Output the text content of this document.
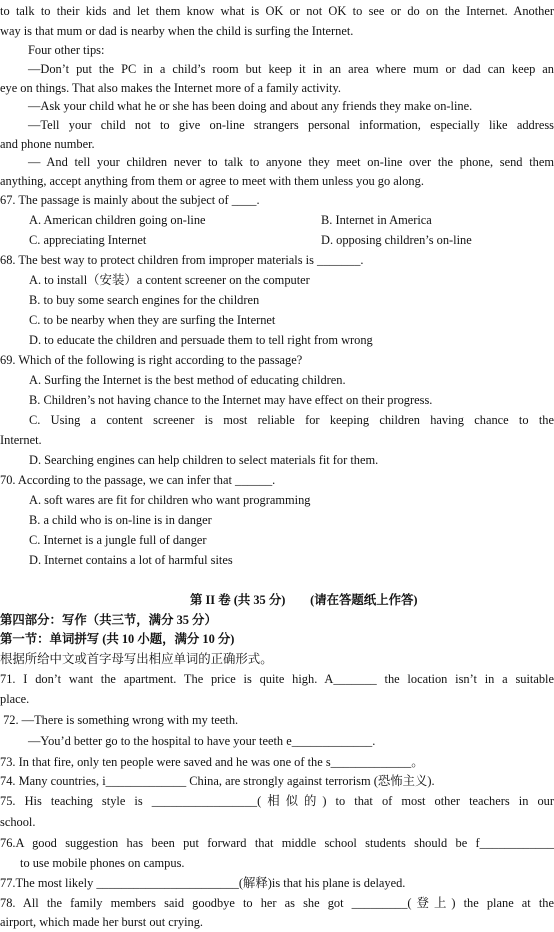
to talk to their kids and let them know what is OK or not OK to see or do on the Internet. Another
way is that mum or dad is nearby when the child is surfing the Internet.
Four other tips:
—Don’t put the PC in a child’s room but keep it in an area where mum or dad can keep an
eye on things. That also makes the Internet more of a family activity.
—Ask your child what he or she has been doing and about any friends they make on-line.
—Tell your child not to give on-line strangers personal information, especially like address
and phone number.
— And tell your children never to talk to anyone they meet on-line over the phone, send them
anything, accept anything from them or agree to meet with them unless you go along.
67. The passage is mainly about the subject of ____.
A. American children going on-line	B. Internet in America
C. appreciating Internet	D. opposing children’s on-line
68. The best way to protect children from improper materials is _______.
A. to install（安装）a content screener on the computer
B. to buy some search engines for the children
C. to be nearby when they are surfing the Internet
D. to educate the children and persuade them to tell right from wrong
69. Which of the following is right according to the passage?
A. Surfing the Internet is the best method of educating children.
B. Children’s not having chance to the Internet may have effect on their progress.
C. Using a content screener is most reliable for keeping children having chance to the
Internet.
D. Searching engines can help children to select materials fit for them.
70. According to the passage, we can infer that ______.
A. soft wares are fit for children who want programming
B. a child who is on-line is in danger
C. Internet is a jungle full of danger
D. Internet contains a lot of harmful sites
第 II 卷 (共 35 分)        (请在答题纸上作答)
第四部分：写作（共三节，满分 35 分）
第一节：单词拼写 (共 10 小题，满分 10 分)
根据所给中文或首字母写出相应单词的正确形式。
71. I don’t want the apartment. The price is quite high. A_______ the location isn’t in a suitable
place.
72. —There is something wrong with my teeth.
—You’d better go to the hospital to have your teeth e_____________.
73. In that fire, only ten people were saved and he was one of the s_____________。
74. Many countries, i_____________ China, are strongly against terrorism (恐怖主义).
75. His teaching style is _________________(相似的) to that of most other teachers in our
school.
76.A good suggestion has been put forward that middle school students should be f____________
to use mobile phones on campus.
77.The most likely _______________________(解释)is that his plane is delayed.
78. All the family members said goodbye to her as she got _________(登上) the plane at the
airport, which made her burst out crying.
